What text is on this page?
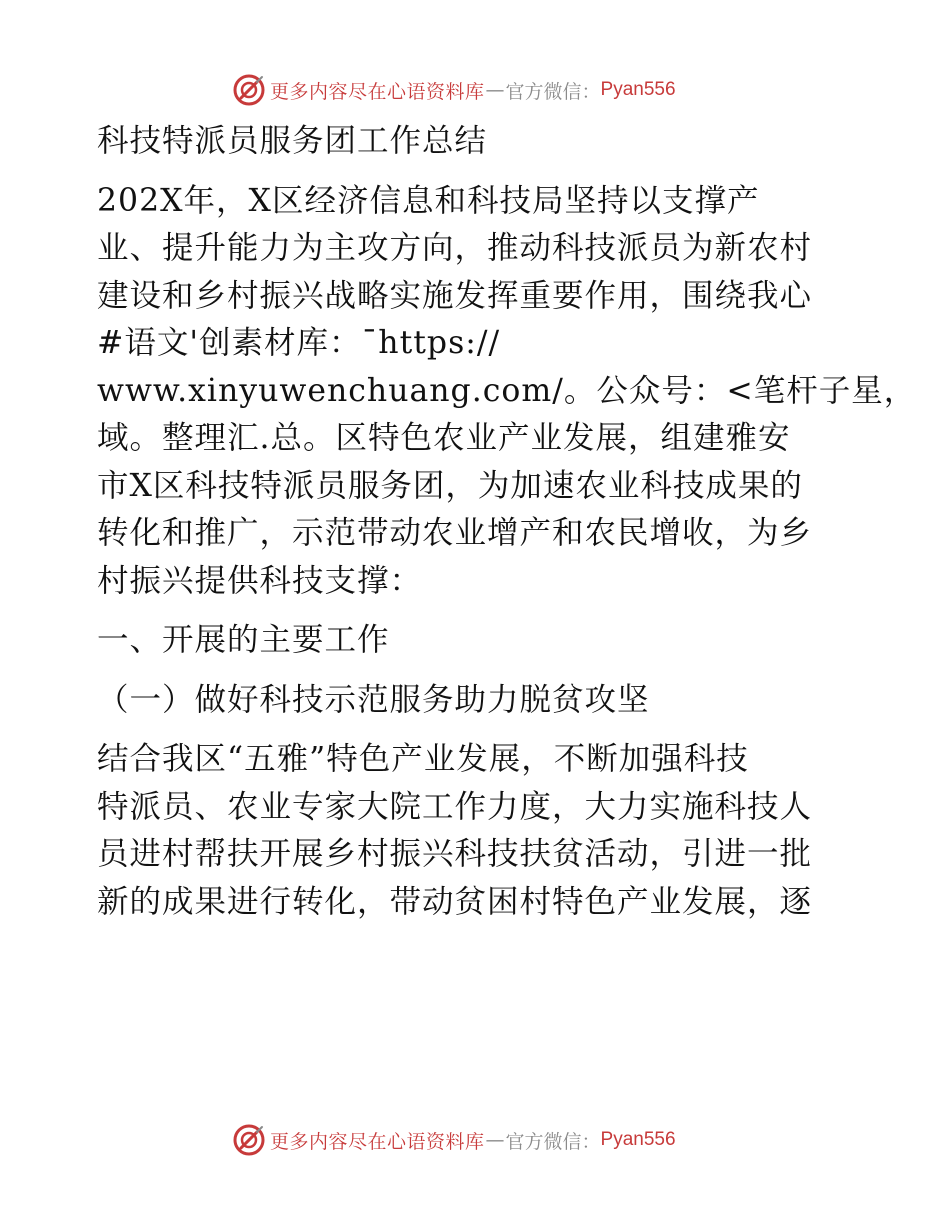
更多内容尽在心语资料库 — 官方微信： Pyan556
科技特派员服务团工作总结
202X年，X区经济信息和科技局坚持以支撑产
业、提升能力为主攻方向，推动科技派员为新农村
建设和乡村振兴战略实施发挥重要作用，围绕我心
#语文'创素材库：¯https://
www.xinyuwenchuang.com/。公众号：<笔杆子星，
域。整理汇.总。区特色农业产业发展，组建雅安
市X区科技特派员服务团，为加速农业科技成果的
转化和推广，示范带动农业增产和农民增收，为乡
村振兴提供科技支撑：
一、开展的主要工作
（一）做好科技示范服务助力脱贫攻坚
结合我区“五雅”特色产业发展，不断加强科技
特派员、农业专家大院工作力度，大力实施科技人
员进村帮扶开展乡村振兴科技扶贫活动，引进一批
新的成果进行转化，带动贫困村特色产业发展，逐
更多内容尽在心语资料库 — 官方微信： Pyan556
